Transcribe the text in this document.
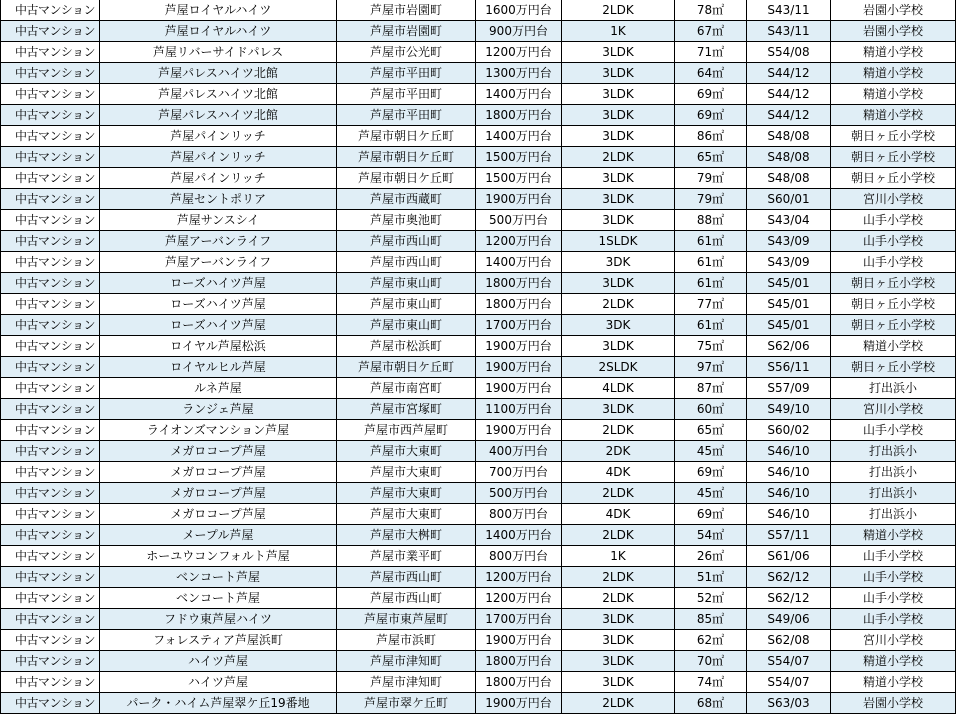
中古マンション	芦屋ロイヤルハイツ	芦屋市岩園町	1600万円台	2LDK	78㎡	S43/11	岩園小学校
中古マンション	芦屋ロイヤルハイツ	芦屋市岩園町	900万円台	1K	67㎡	S43/11	岩園小学校
中古マンション	芦屋リバーサイドパレス	芦屋市公光町	1200万円台	3LDK	71㎡	S54/08	精道小学校
中古マンション	芦屋パレスハイツ北館	芦屋市平田町	1300万円台	3LDK	64㎡	S44/12	精道小学校
中古マンション	芦屋パレスハイツ北館	芦屋市平田町	1400万円台	3LDK	69㎡	S44/12	精道小学校
中古マンション	芦屋パレスハイツ北館	芦屋市平田町	1800万円台	3LDK	69㎡	S44/12	精道小学校
中古マンション	芦屋パインリッチ	芦屋市朝日ケ丘町	1400万円台	3LDK	86㎡	S48/08	朝日ヶ丘小学校
中古マンション	芦屋パインリッチ	芦屋市朝日ケ丘町	1500万円台	2LDK	65㎡	S48/08	朝日ヶ丘小学校
中古マンション	芦屋パインリッチ	芦屋市朝日ケ丘町	1500万円台	3LDK	79㎡	S48/08	朝日ヶ丘小学校
中古マンション	芦屋セントポリア	芦屋市西蔵町	1900万円台	3LDK	79㎡	S60/01	宮川小学校
中古マンション	芦屋サンスシイ	芦屋市奥池町	500万円台	3LDK	88㎡	S43/04	山手小学校
中古マンション	芦屋アーバンライフ	芦屋市西山町	1200万円台	1SLDK	61㎡	S43/09	山手小学校
中古マンション	芦屋アーバンライフ	芦屋市西山町	1400万円台	3DK	61㎡	S43/09	山手小学校
中古マンション	ローズハイツ芦屋	芦屋市東山町	1800万円台	3LDK	61㎡	S45/01	朝日ヶ丘小学校
中古マンション	ローズハイツ芦屋	芦屋市東山町	1800万円台	2LDK	77㎡	S45/01	朝日ヶ丘小学校
中古マンション	ローズハイツ芦屋	芦屋市東山町	1700万円台	3DK	61㎡	S45/01	朝日ヶ丘小学校
中古マンション	ロイヤル芦屋松浜	芦屋市松浜町	1900万円台	3LDK	75㎡	S62/06	精道小学校
中古マンション	ロイヤルヒル芦屋	芦屋市朝日ケ丘町	1900万円台	2SLDK	97㎡	S56/11	朝日ヶ丘小学校
中古マンション	ルネ芦屋	芦屋市南宮町	1900万円台	4LDK	87㎡	S57/09	打出浜小
中古マンション	ランジェ芦屋	芦屋市宮塚町	1100万円台	3LDK	60㎡	S49/10	宮川小学校
中古マンション	ライオンズマンション芦屋	芦屋市西芦屋町	1900万円台	2LDK	65㎡	S60/02	山手小学校
中古マンション	メガロコープ芦屋	芦屋市大東町	400万円台	2DK	45㎡	S46/10	打出浜小
中古マンション	メガロコープ芦屋	芦屋市大東町	700万円台	4DK	69㎡	S46/10	打出浜小
中古マンション	メガロコープ芦屋	芦屋市大東町	500万円台	2LDK	45㎡	S46/10	打出浜小
中古マンション	メガロコープ芦屋	芦屋市大東町	800万円台	4DK	69㎡	S46/10	打出浜小
中古マンション	メープル芦屋	芦屋市大桝町	1400万円台	2LDK	54㎡	S57/11	精道小学校
中古マンション	ホーユウコンフォルト芦屋	芦屋市業平町	800万円台	1K	26㎡	S61/06	山手小学校
中古マンション	ベンコート芦屋	芦屋市西山町	1200万円台	2LDK	51㎡	S62/12	山手小学校
中古マンション	ベンコート芦屋	芦屋市西山町	1200万円台	2LDK	52㎡	S62/12	山手小学校
中古マンション	フドウ東芦屋ハイツ	芦屋市東芦屋町	1700万円台	3LDK	85㎡	S49/06	山手小学校
中古マンション	フォレスティア芦屋浜町	芦屋市浜町	1900万円台	3LDK	62㎡	S62/08	宮川小学校
中古マンション	ハイツ芦屋	芦屋市津知町	1800万円台	3LDK	70㎡	S54/07	精道小学校
中古マンション	ハイツ芦屋	芦屋市津知町	1800万円台	3LDK	74㎡	S54/07	精道小学校
中古マンション	パーク・ハイム芦屋翠ケ丘19番地	芦屋市翠ケ丘町	1900万円台	2LDK	68㎡	S63/03	岩園小学校
